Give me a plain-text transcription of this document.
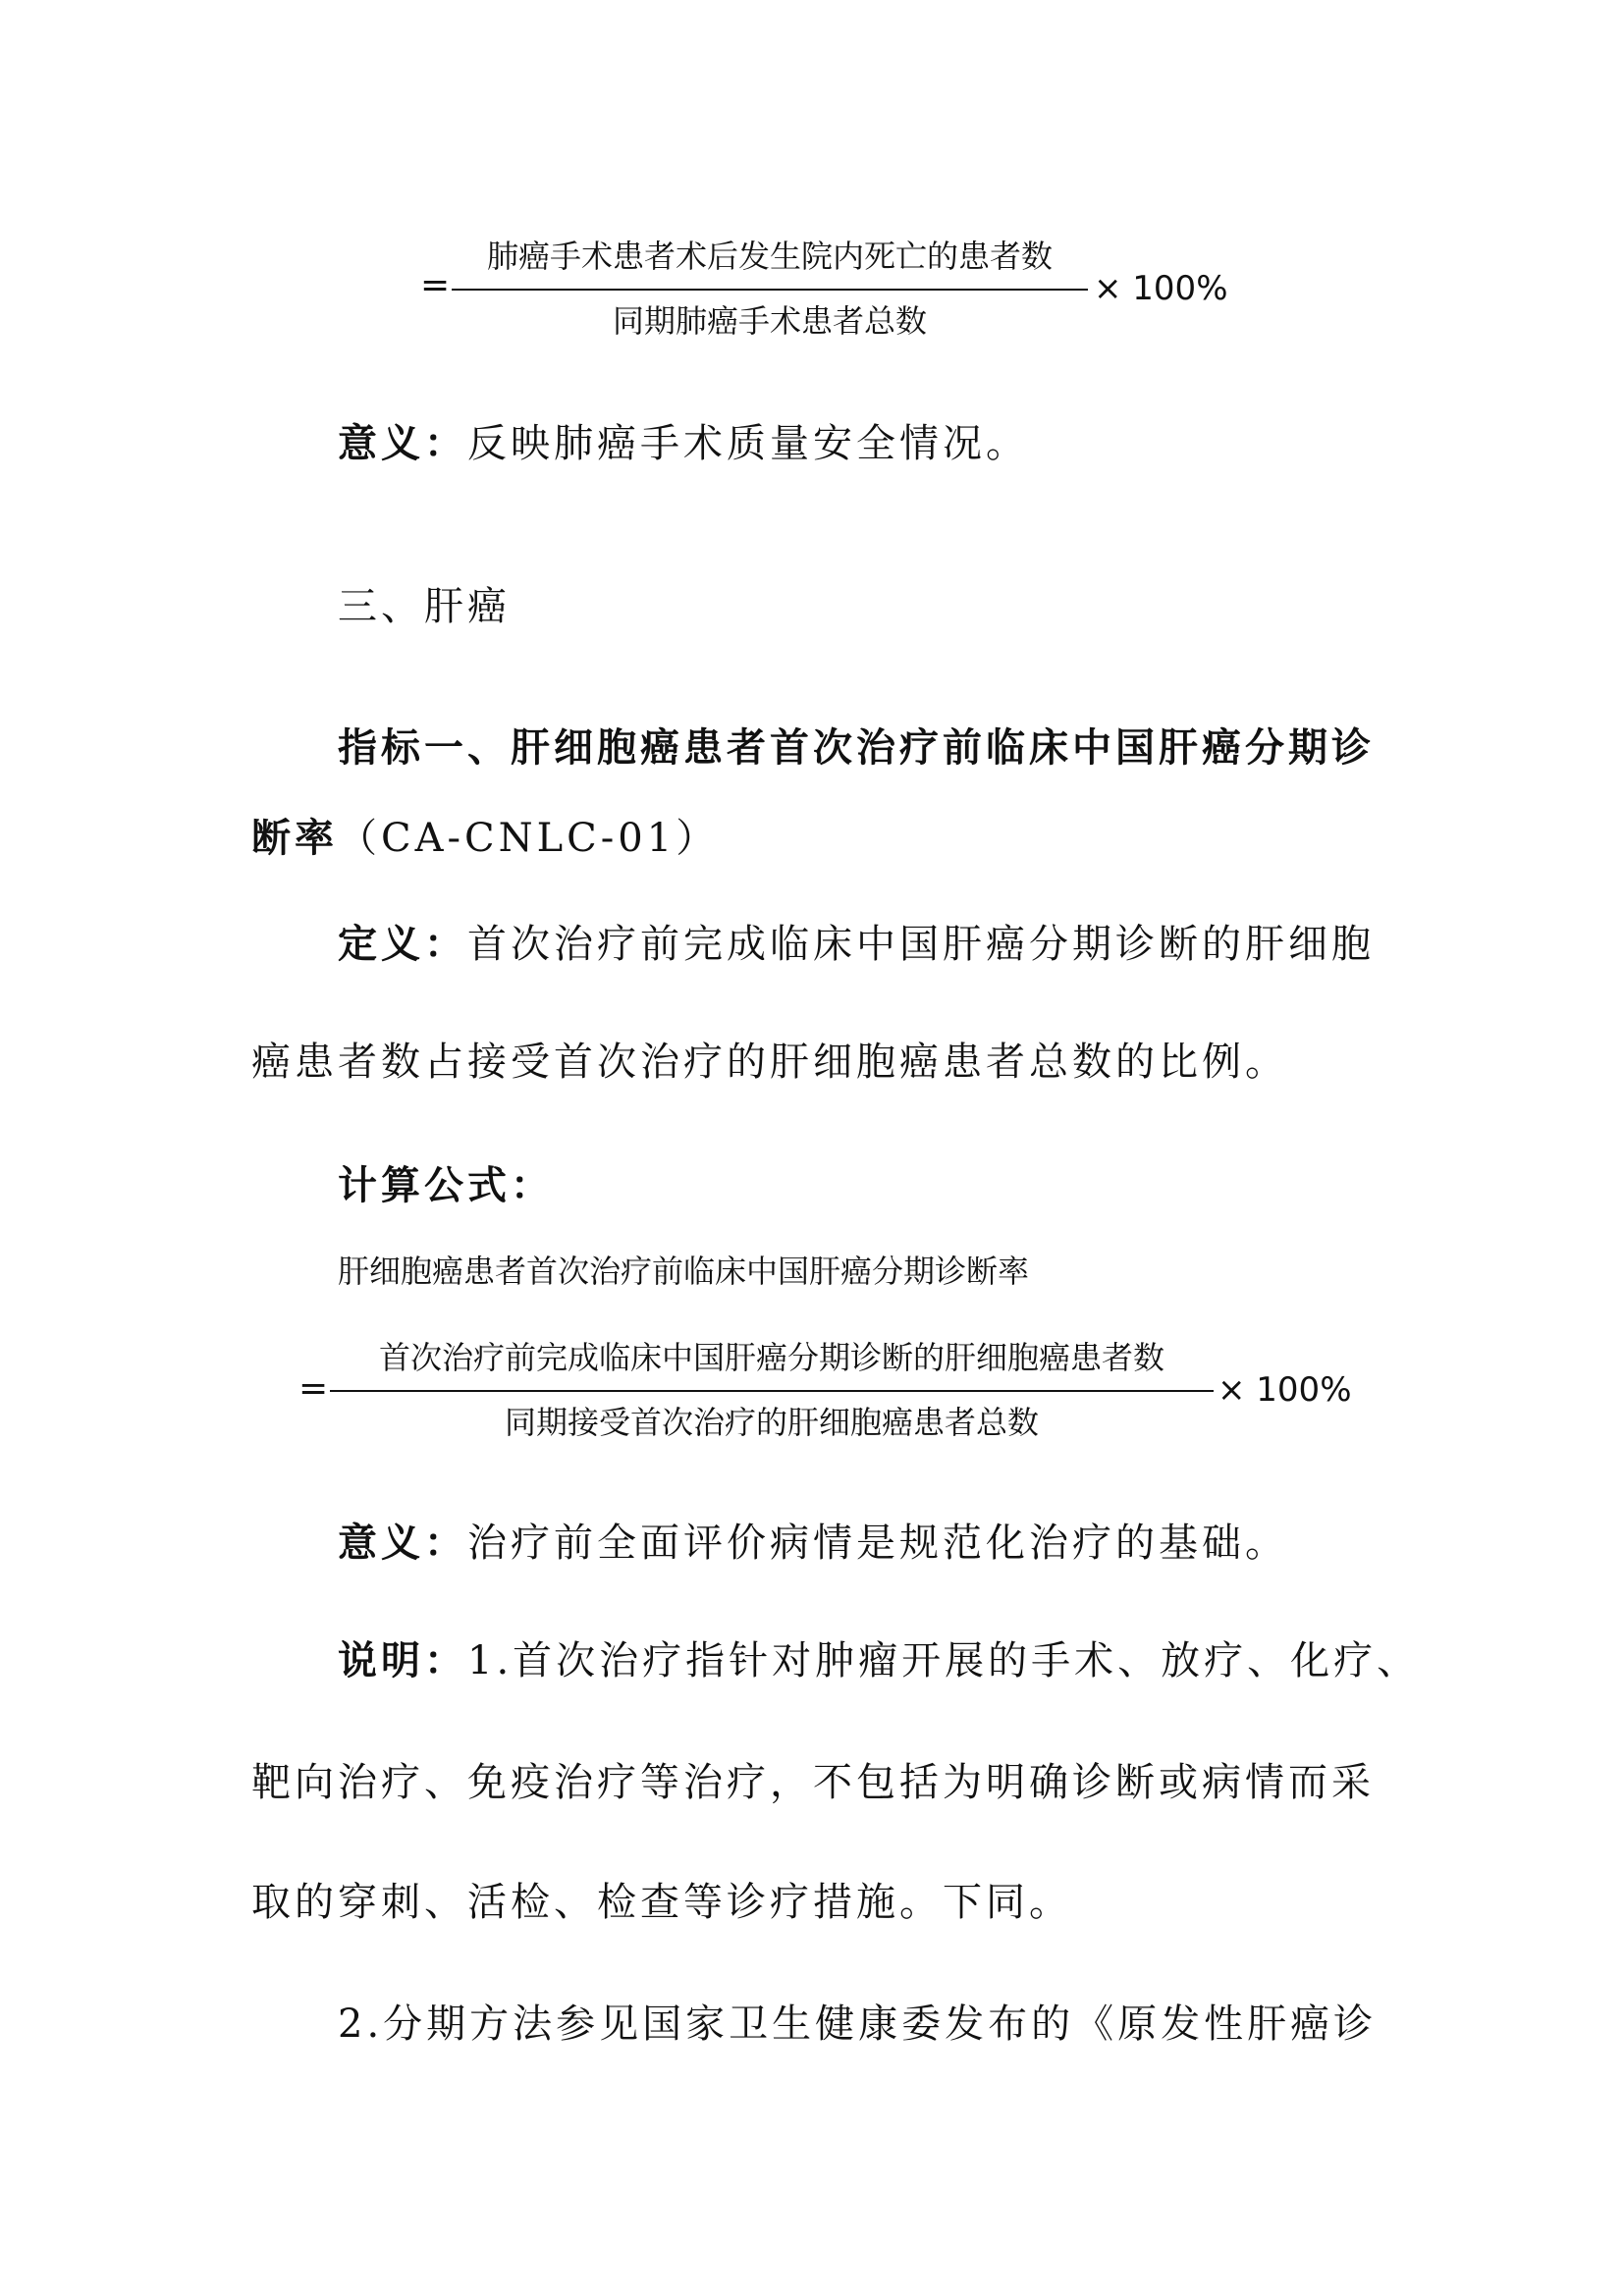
=
肺癌手术患者术后发生院内死亡的患者数
同期肺癌手术患者总数
× 100%
意义：反映肺癌手术质量安全情况。
三、肝癌
指标一、肝细胞癌患者首次治疗前临床中国肝癌分期诊
断率（CA-CNLC-01）
定义：首次治疗前完成临床中国肝癌分期诊断的肝细胞
癌患者数占接受首次治疗的肝细胞癌患者总数的比例。
计算公式：
肝细胞癌患者首次治疗前临床中国肝癌分期诊断率
=
首次治疗前完成临床中国肝癌分期诊断的肝细胞癌患者数
同期接受首次治疗的肝细胞癌患者总数
× 100%
意义：治疗前全面评价病情是规范化治疗的基础。
说明：1.首次治疗指针对肿瘤开展的手术、放疗、化疗、
靶向治疗、免疫治疗等治疗，不包括为明确诊断或病情而采
取的穿刺、活检、检查等诊疗措施。下同。
2.分期方法参见国家卫生健康委发布的《原发性肝癌诊
